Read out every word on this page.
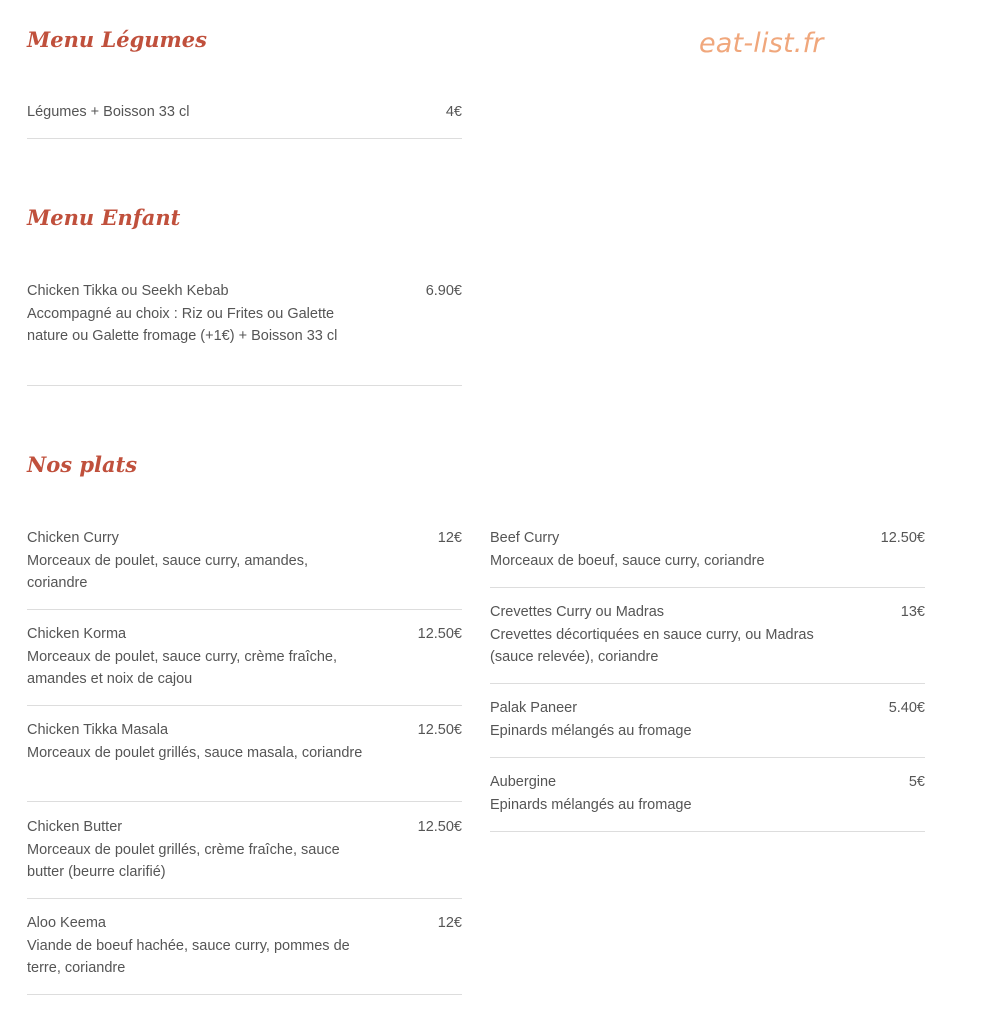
eat-list.fr
Menu Légumes
Légumes + Boisson 33 cl	4€
Menu Enfant
Chicken Tikka ou Seekh Kebab	6.90€
Accompagné au choix : Riz ou Frites ou Galette nature ou Galette fromage (+1€) + Boisson 33 cl
Nos plats
Chicken Curry	12€
Morceaux de poulet, sauce curry, amandes, coriandre
Chicken Korma	12.50€
Morceaux de poulet, sauce curry, crème fraîche, amandes et noix de cajou
Chicken Tikka Masala	12.50€
Morceaux de poulet grillés, sauce masala, coriandre
Chicken Butter	12.50€
Morceaux de poulet grillés, crème fraîche, sauce butter (beurre clarifié)
Aloo Keema	12€
Viande de boeuf hachée, sauce curry, pommes de terre, coriandre
Beef Curry	12.50€
Morceaux de boeuf, sauce curry, coriandre
Crevettes Curry ou Madras	13€
Crevettes décortiquées en sauce curry, ou Madras (sauce relevée), coriandre
Palak Paneer	5.40€
Epinards mélangés au fromage
Aubergine	5€
Epinards mélangés au fromage
